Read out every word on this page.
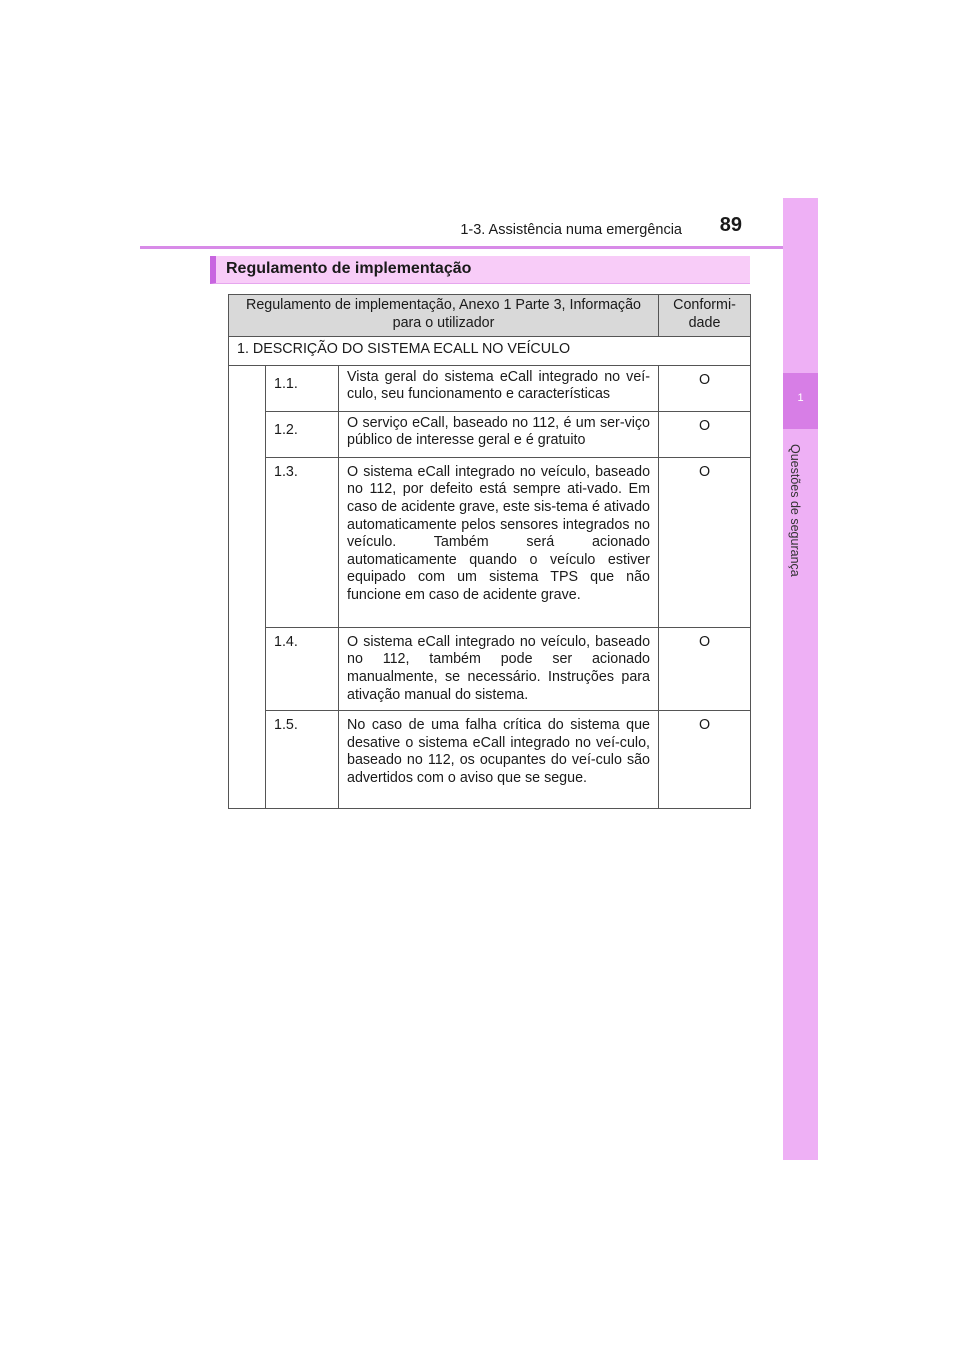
1-3. Assistência numa emergência 89
1
Questões de segurança
Regulamento de implementação
Regulamento de implementação, Anexo 1 Parte 3, Informação para o utilizador			Conformi-dade
1. DESCRIÇÃO DO SISTEMA ECALL NO VEÍCULO			
	1.1.	Vista geral do sistema eCall integrado no veí-culo, seu funcionamento e características	O
	1.2.	O serviço eCall, baseado no 112, é um ser-viço público de interesse geral e é gratuito	O
	1.3.	O sistema eCall integrado no veículo, baseado no 112, por defeito está sempre ati-vado. Em caso de acidente grave, este sis-tema é ativado automaticamente pelos sensores integrados no veículo. Também será acionado automaticamente quando o veículo estiver equipado com um sistema TPS que não funcione em caso de acidente grave.	O
	1.4.	O sistema eCall integrado no veículo, baseado no 112, também pode ser acionado manualmente, se necessário. Instruções para ativação manual do sistema.	O
	1.5.	No caso de uma falha crítica do sistema que desative o sistema eCall integrado no veí-culo, baseado no 112, os ocupantes do veí-culo são advertidos com o aviso que se segue.	O
